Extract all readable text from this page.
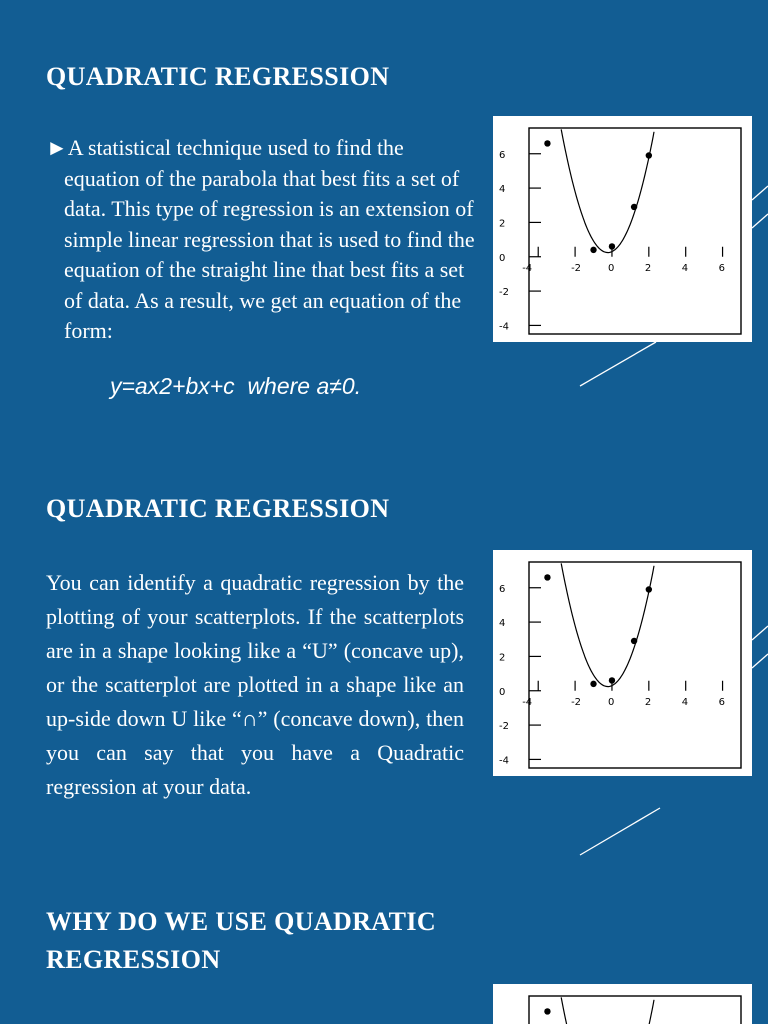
QUADRATIC REGRESSION

►A statistical technique used to find the equation of the parabola that best fits a set of data. This type of regression is an extension of simple linear regression that is used to find the equation of the straight line that best fits a set of data. As a result, we get an equation of the form:

y=ax2+bx+c  where a≠0.

-4	-2	0	2	4	6
6
4
2
0
-2
-4
QUADRATIC REGRESSION

You can identify a quadratic regression by the plotting of your scatterplots. If the scatterplots are in a shape looking like a “U” (concave up), or the scatterplot are plotted in a shape like an up-side down U like “∩” (concave down), then you can say that you have a Quadratic regression at your data.

-4	-2	0	2	4	6
6
4
2
0
-2
-4
WHY DO WE USE QUADRATIC REGRESSION
